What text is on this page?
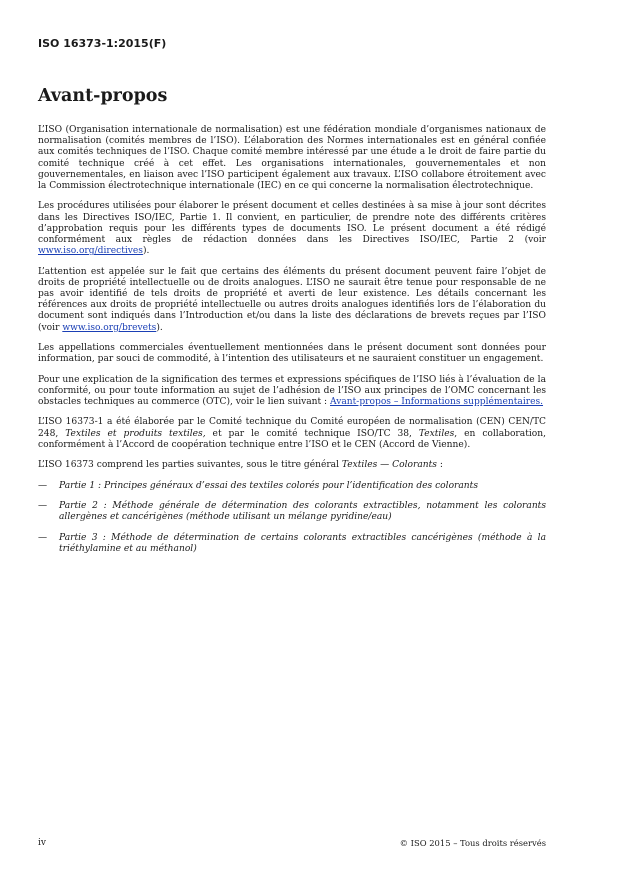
ISO 16373-1:2015(F)
Avant-propos

L’ISO (Organisation internationale de normalisation) est une fédération mondiale d’organismes nationaux de normalisation (comités membres de l’ISO). L’élaboration des Normes internationales est en général confiée aux comités techniques de l’ISO. Chaque comité membre intéressé par une étude a le droit de faire partie du comité technique créé à cet effet. Les organisations internationales, gouvernementales et non gouvernementales, en liaison avec l’ISO participent également aux travaux. L’ISO collabore étroitement avec la Commission électrotechnique internationale (IEC) en ce qui concerne la normalisation électrotechnique.

Les procédures utilisées pour élaborer le présent document et celles destinées à sa mise à jour sont décrites dans les Directives ISO/IEC, Partie 1. Il convient, en particulier, de prendre note des différents critères d’approbation requis pour les différents types de documents ISO. Le présent document a été rédigé conformément aux règles de rédaction données dans les Directives ISO/IEC, Partie 2 (voir www.iso.org/directives).

L’attention est appelée sur le fait que certains des éléments du présent document peuvent faire l’objet de droits de propriété intellectuelle ou de droits analogues. L’ISO ne saurait être tenue pour responsable de ne pas avoir identifié de tels droits de propriété et averti de leur existence. Les détails concernant les références aux droits de propriété intellectuelle ou autres droits analogues identifiés lors de l’élaboration du document sont indiqués dans l’Introduction et/ou dans la liste des déclarations de brevets reçues par l’ISO (voir www.iso.org/brevets).

Les appellations commerciales éventuellement mentionnées dans le présent document sont données pour information, par souci de commodité, à l’intention des utilisateurs et ne sauraient constituer un engagement.

Pour une explication de la signification des termes et expressions spécifiques de l’ISO liés à l’évaluation de la conformité, ou pour toute information au sujet de l’adhésion de l’ISO aux principes de l’OMC concernant les obstacles techniques au commerce (OTC), voir le lien suivant : Avant-propos – Informations supplémentaires.

L’ISO 16373-1 a été élaborée par le Comité technique du Comité européen de normalisation (CEN) CEN/TC 248, Textiles et produits textiles, et par le comité technique ISO/TC 38, Textiles, en collaboration, conformément à l’Accord de coopération technique entre l’ISO et le CEN (Accord de Vienne).

L’ISO 16373 comprend les parties suivantes, sous le titre général Textiles — Colorants :

— Partie 1 : Principes généraux d’essai des textiles colorés pour l’identification des colorants
— Partie 2 : Méthode générale de détermination des colorants extractibles, notamment les colorants allergènes et cancérigènes (méthode utilisant un mélange pyridine/eau)
— Partie 3 : Méthode de détermination de certains colorants extractibles cancérigènes (méthode à la triéthylamine et au méthanol)
iv	© ISO 2015 – Tous droits réservés
